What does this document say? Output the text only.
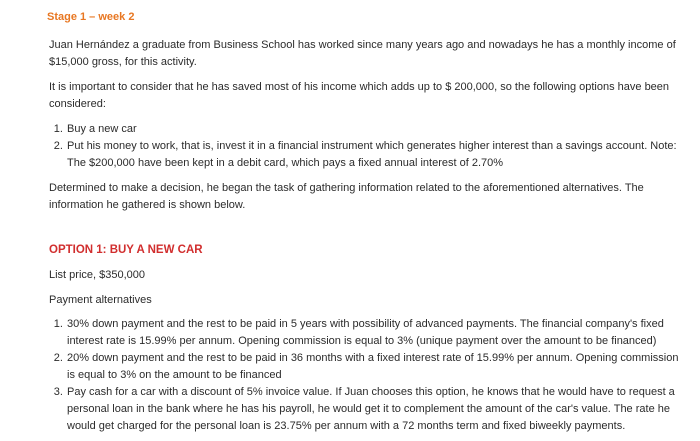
Stage 1 – week 2

Juan Hernández a graduate from Business School has worked since many years ago and nowadays he has a monthly income of $15,000 gross, for this activity.

It is important to consider that he has saved most of his income which adds up to $ 200,000, so the following options have been considered:

1. Buy a new car
2. Put his money to work, that is, invest it in a financial instrument which generates higher interest than a savings account. Note: The $200,000 have been kept in a debit card, which pays a fixed annual interest of 2.70%

Determined to make a decision, he began the task of gathering information related to the aforementioned alternatives. The information he gathered is shown below.

OPTION 1: BUY A NEW CAR

List price, $350,000

Payment alternatives

1. 30% down payment and the rest to be paid in 5 years with possibility of advanced payments. The financial company's fixed interest rate is 15.99% per annum. Opening commission is equal to 3% (unique payment over the amount to be financed)
2. 20% down payment and the rest to be paid in 36 months with a fixed interest rate of 15.99% per annum. Opening commission is equal to 3% on the amount to be financed
3. Pay cash for a car with a discount of 5% invoice value. If Juan chooses this option, he knows that he would have to request a personal loan in the bank where he has his payroll, he would get it to complement the amount of the car's value. The rate he would get charged for the personal loan is 23.75% per annum with a 72 months term and fixed biweekly payments.
